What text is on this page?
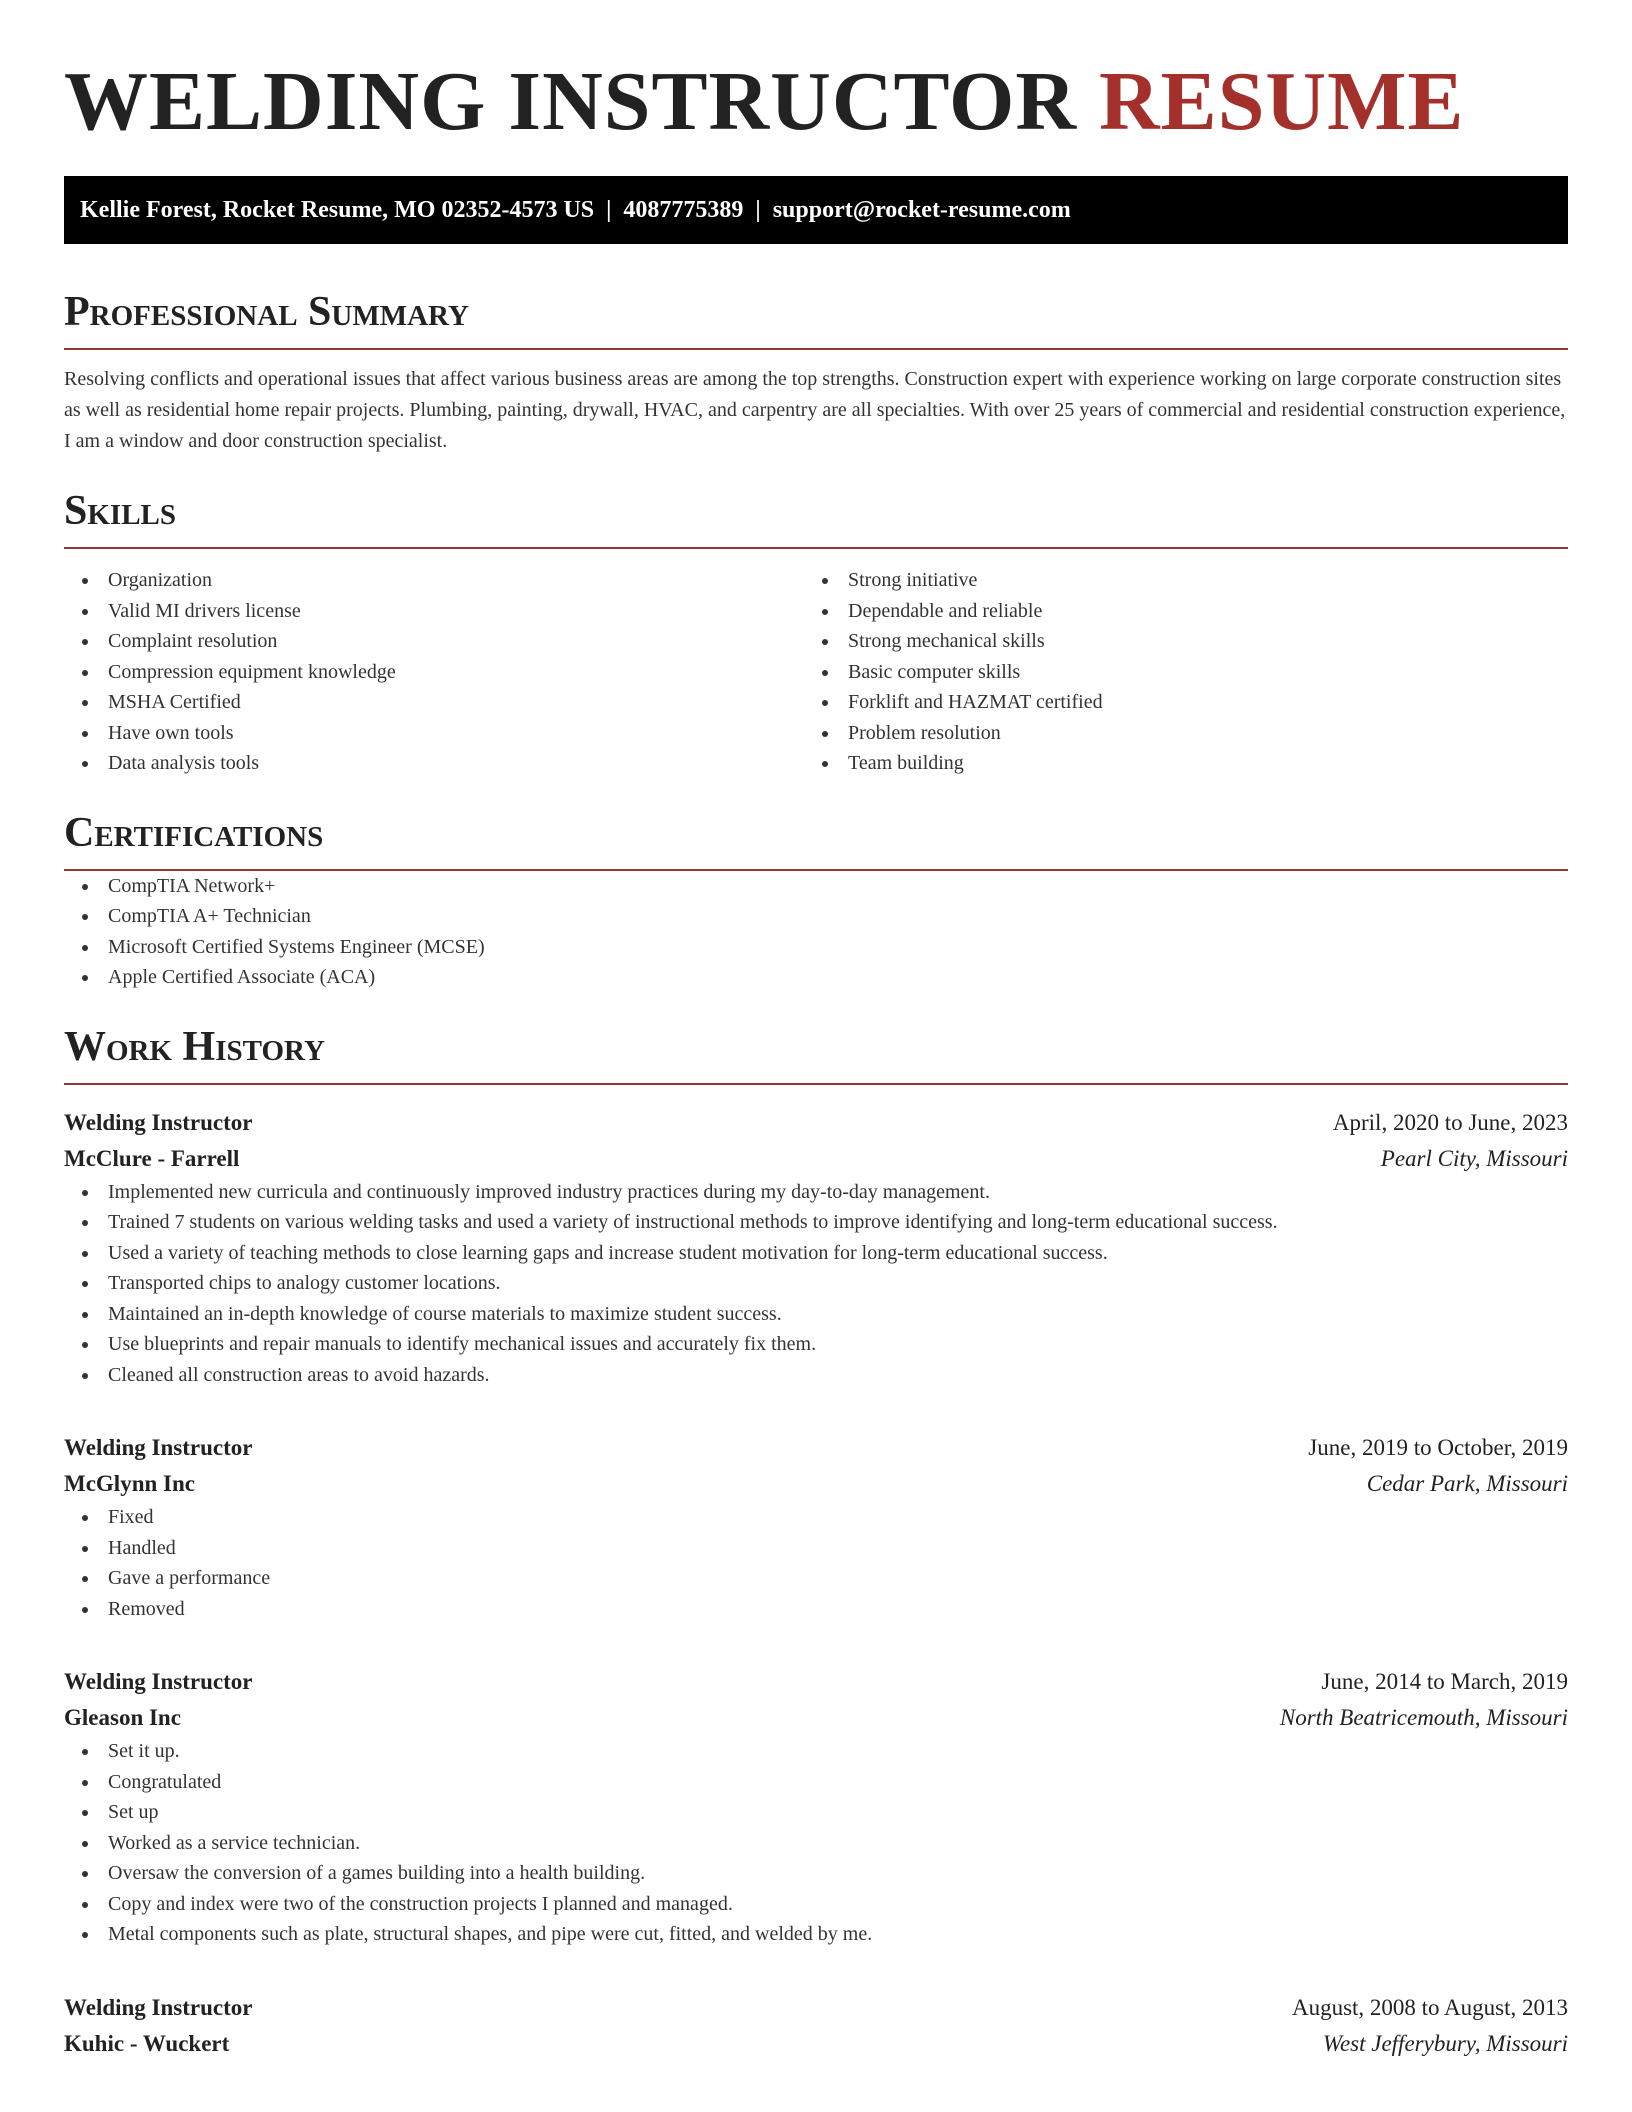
WELDING INSTRUCTOR RESUME
Kellie Forest, Rocket Resume, MO 02352-4573 US | 4087775389 | support@rocket-resume.com
Professional Summary

Resolving conflicts and operational issues that affect various business areas are among the top strengths. Construction expert with experience working on large corporate construction sites as well as residential home repair projects. Plumbing, painting, drywall, HVAC, and carpentry are all specialties. With over 25 years of commercial and residential construction experience, I am a window and door construction specialist.

Skills
Organization
Valid MI drivers license
Complaint resolution
Compression equipment knowledge
MSHA Certified
Have own tools
Data analysis tools
Strong initiative
Dependable and reliable
Strong mechanical skills
Basic computer skills
Forklift and HAZMAT certified
Problem resolution
Team building
Certifications
CompTIA Network+
CompTIA A+ Technician
Microsoft Certified Systems Engineer (MCSE)
Apple Certified Associate (ACA)
Work History
Welding Instructor	April, 2020 to June, 2023
McClure - Farrell	Pearl City, Missouri
Implemented new curricula and continuously improved industry practices during my day-to-day management.
Trained 7 students on various welding tasks and used a variety of instructional methods to improve identifying and long-term educational success.
Used a variety of teaching methods to close learning gaps and increase student motivation for long-term educational success.
Transported chips to analogy customer locations.
Maintained an in-depth knowledge of course materials to maximize student success.
Use blueprints and repair manuals to identify mechanical issues and accurately fix them.
Cleaned all construction areas to avoid hazards.
Welding Instructor	June, 2019 to October, 2019
McGlynn Inc	Cedar Park, Missouri
Fixed
Handled
Gave a performance
Removed
Welding Instructor	June, 2014 to March, 2019
Gleason Inc	North Beatricemouth, Missouri
Set it up.
Congratulated
Set up
Worked as a service technician.
Oversaw the conversion of a games building into a health building.
Copy and index were two of the construction projects I planned and managed.
Metal components such as plate, structural shapes, and pipe were cut, fitted, and welded by me.
Welding Instructor	August, 2008 to August, 2013
Kuhic - Wuckert	West Jefferybury, Missouri
